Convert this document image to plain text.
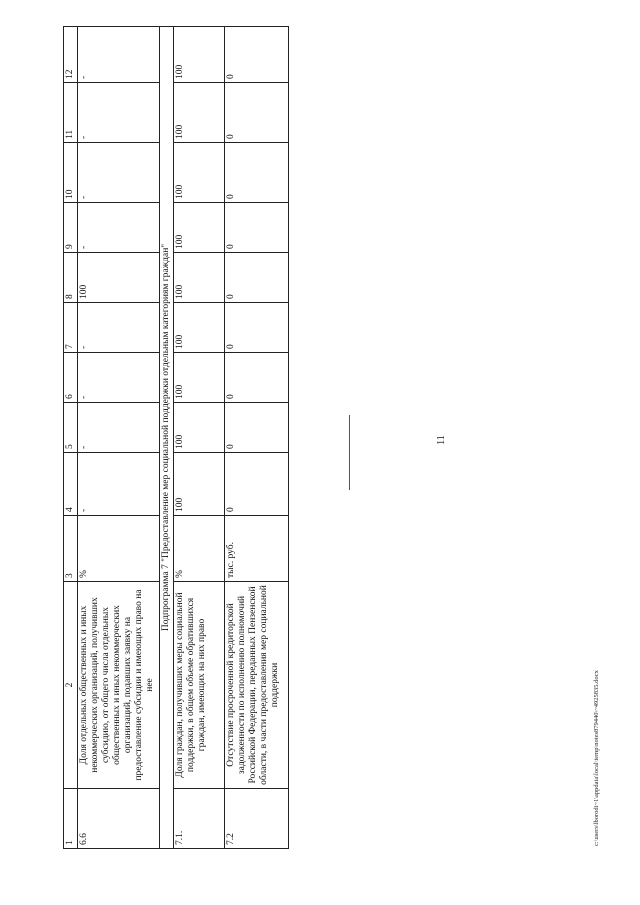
11
1	2	3	4	5	6	7	8	9	10	11	12
6.6	Доля отдельных общественных и иных некоммерческих организаций, получивших субсидию, от общего числа отдельных общественных и иных некоммерческих организаций, подавших заявку на предоставление субсидии и имеющих право на нее	%	-	-	-	-	100	-	-	-	-
Подпрограмма 7 "Предоставление мер социальной поддержки отдельным категориям граждан"											
7.1.	Доля граждан, получивших меры социальной поддержки, в общем объеме обратившихся граждан, имеющих на них право	%	100	100	100	100	100	100	100	100	100
7.2	Отсутствие просроченной кредиторской задолженности по исполнению полномочий Российской Федерации, переданных Пензенской области, в части предоставления мер социальной поддержки	тыс. руб.	0	0	0	0	0	0	0	0	0
c:\users\lborodi~1\appdata\local\temp\notes879440\~4925835.docx
